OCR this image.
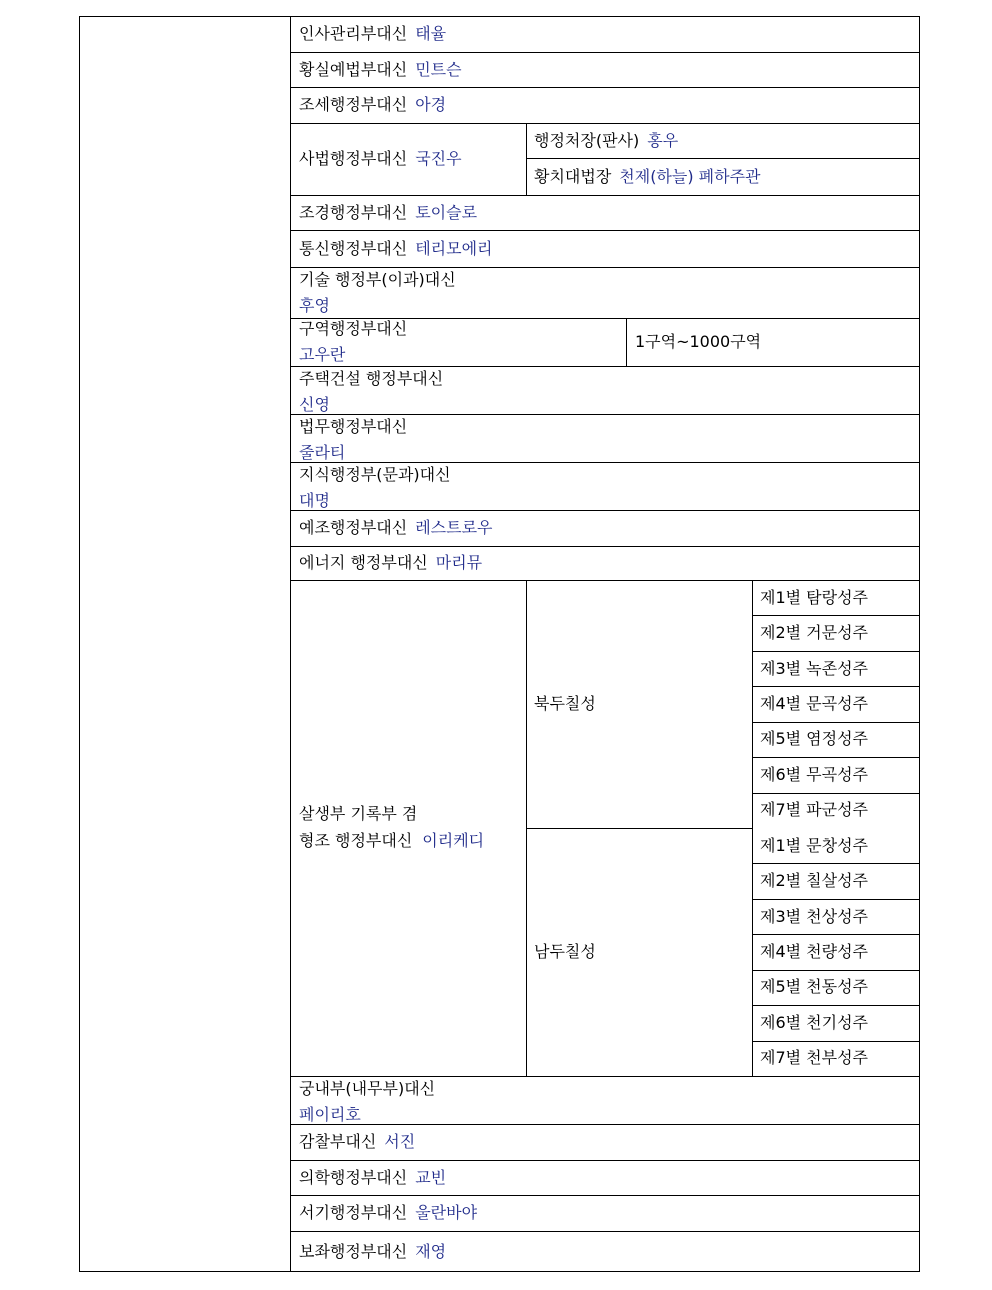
인사관리부대신 태율
황실예법부대신 민트슨
조세행정부대신 아경
조경행정부대신 토이슬로
통신행정부대신 테리모에리
예조행정부대신 레스트로우
에너지 행정부대신 마리뮤
감찰부대신 서진
의학행정부대신 교빈
서기행정부대신 울란바야
보좌행정부대신 재영
기술 행정부(이과)대신
후영
주택건설 행정부대신
신영
법무행정부대신
줄라티
지식행정부(문과)대신
대명
궁내부(내무부)대신
페이리호
사법행정부대신 국진우
행정처장(판사) 홍우
황치대법장 천제(하늘) 폐하주관
구역행정부대신
고우란
1구역~1000구역
살생부 기록부 겸
형조 행정부대신 이리케디
북두칠성
제1별 탐랑성주
제2별 거문성주
제3별 녹존성주
제4별 문곡성주
제5별 염정성주
제6별 무곡성주
제7별 파군성주
남두칠성
제1별 문창성주
제2별 칠살성주
제3별 천상성주
제4별 천량성주
제5별 천동성주
제6별 천기성주
제7별 천부성주
